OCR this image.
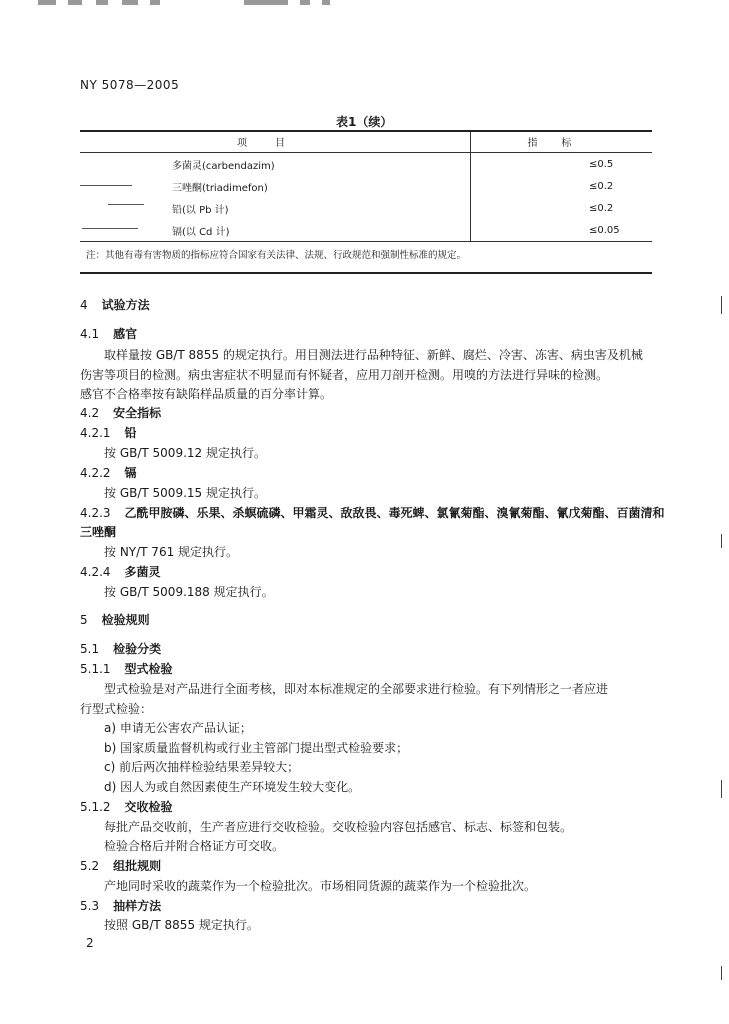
NY 5078—2005
表1（续）
项目	指标
多菌灵(carbendazim)	≤0.5
三唑酮(triadimefon)	≤0.2
铅(以 Pb 计)	≤0.2
镉(以 Cd 计)	≤0.05
注：其他有毒有害物质的指标应符合国家有关法律、法规、行政规范和强制性标准的规定。	
4 试验方法
4.1 感官
取样量按 GB/T 8855 的规定执行。用目测法进行品种特征、新鲜、腐烂、冷害、冻害、病虫害及机械
伤害等项目的检测。病虫害症状不明显而有怀疑者，应用刀剖开检测。用嗅的方法进行异味的检测。
感官不合格率按有缺陷样品质量的百分率计算。
4.2 安全指标
4.2.1 铅
按 GB/T 5009.12 规定执行。
4.2.2 镉
按 GB/T 5009.15 规定执行。
4.2.3 乙酰甲胺磷、乐果、杀螟硫磷、甲霜灵、敌敌畏、毒死蜱、氯氰菊酯、溴氰菊酯、氰戊菊酯、百菌清和
三唑酮
按 NY/T 761 规定执行。
4.2.4 多菌灵
按 GB/T 5009.188 规定执行。
5 检验规则
5.1 检验分类
5.1.1 型式检验
型式检验是对产品进行全面考核，即对本标准规定的全部要求进行检验。有下列情形之一者应进
行型式检验：
a) 申请无公害农产品认证；
b) 国家质量监督机构或行业主管部门提出型式检验要求；
c) 前后两次抽样检验结果差异较大；
d) 因人为或自然因素使生产环境发生较大变化。
5.1.2 交收检验
每批产品交收前，生产者应进行交收检验。交收检验内容包括感官、标志、标签和包装。
检验合格后并附合格证方可交收。
5.2 组批规则
产地同时采收的蔬菜作为一个检验批次。市场相同货源的蔬菜作为一个检验批次。
5.3 抽样方法
按照 GB/T 8855 规定执行。
2
